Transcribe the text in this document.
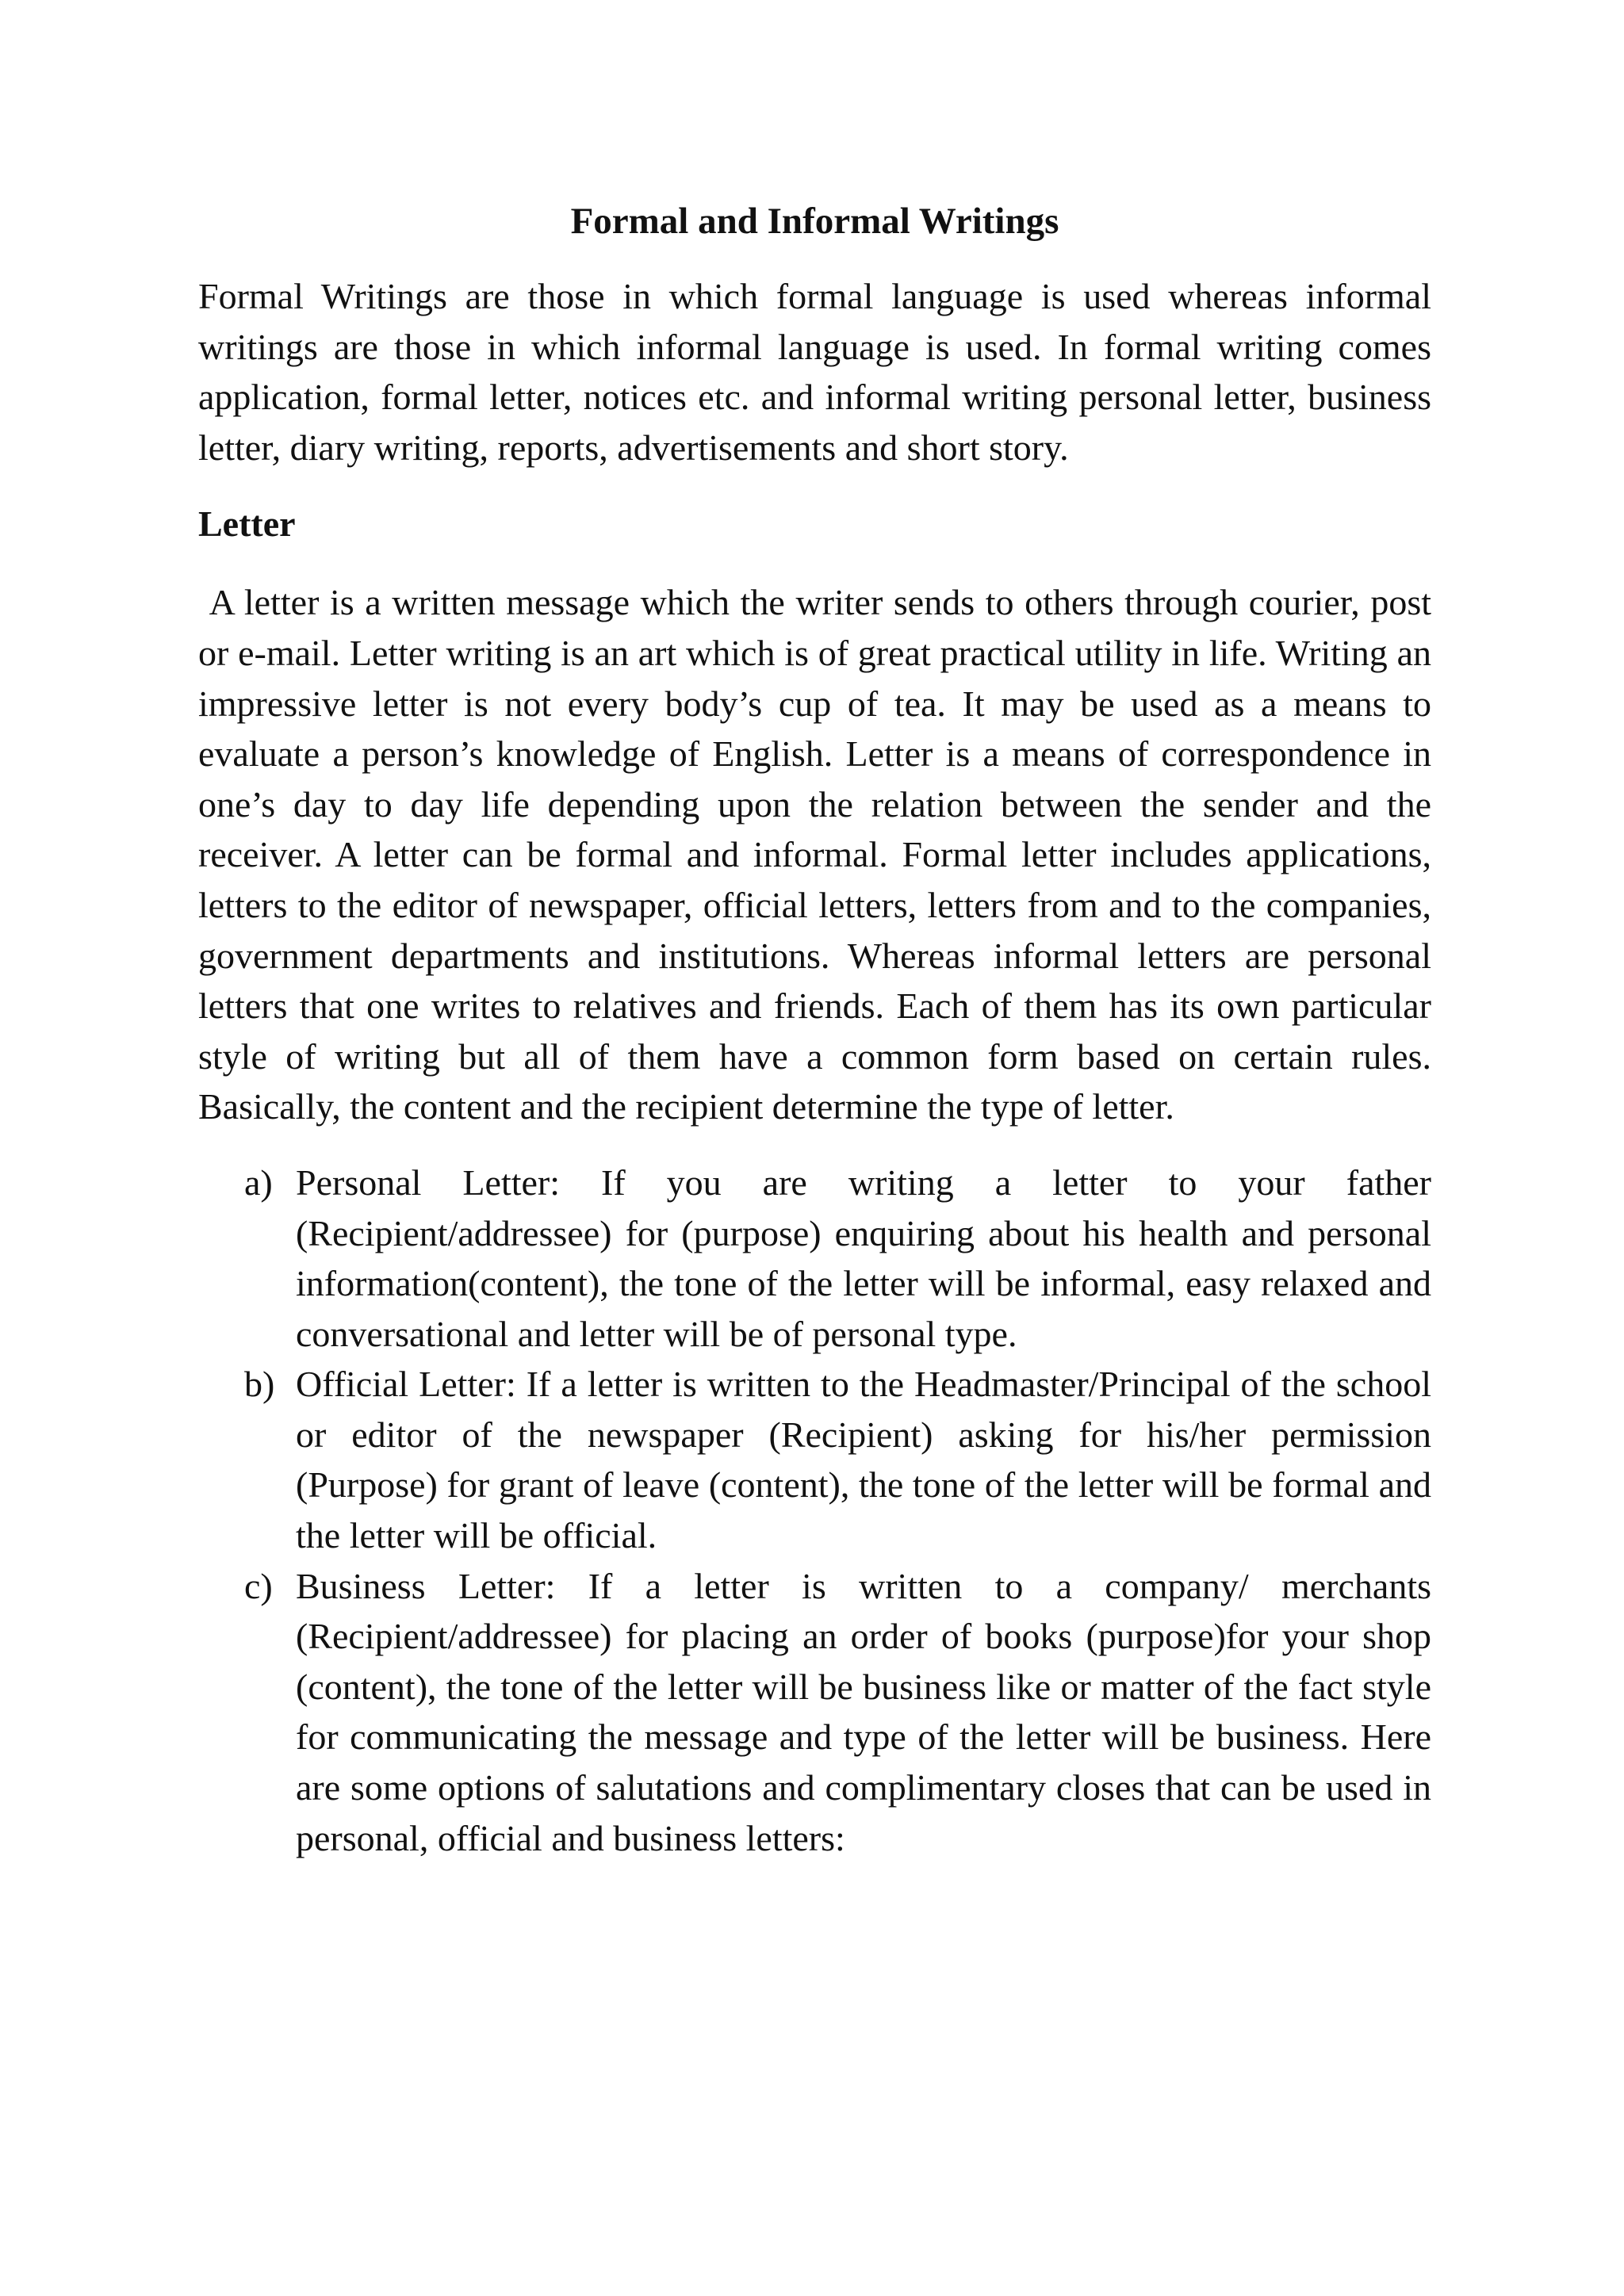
Formal and Informal Writings

Formal Writings are those in which formal language is used whereas informal writings are those in which informal language is used. In formal writing comes application, formal letter, notices etc. and informal writing personal letter, business letter, diary writing, reports, advertisements and short story.

Letter

A letter is a written message which the writer sends to others through courier, post or e-mail. Letter writing is an art which is of great practical utility in life. Writing an impressive letter is not every body’s cup of tea. It may be used as a means to evaluate a person’s knowledge of English. Letter is a means of correspondence in one’s day to day life depending upon the relation between the sender and the receiver. A letter can be formal and informal. Formal letter includes applications, letters to the editor of newspaper, official letters, letters from and to the companies, government departments and institutions. Whereas informal letters are personal letters that one writes to relatives and friends. Each of them has its own particular style of writing but all of them have a common form based on certain rules. Basically, the content and the recipient determine the type of letter.

a) Personal Letter: If you are writing a letter to your father (Recipient/addressee) for (purpose) enquiring about his health and personal information(content), the tone of the letter will be informal, easy relaxed and conversational and letter will be of personal type.
b) Official Letter: If a letter is written to the Headmaster/Principal of the school or editor of the newspaper (Recipient) asking for his/her permission (Purpose) for grant of leave (content), the tone of the letter will be formal and the letter will be official.
c) Business Letter: If a letter is written to a company/ merchants (Recipient/addressee) for placing an order of books (purpose)for your shop (content), the tone of the letter will be business like or matter of the fact style for communicating the message and type of the letter will be business. Here are some options of salutations and complimentary closes that can be used in personal, official and business letters:
